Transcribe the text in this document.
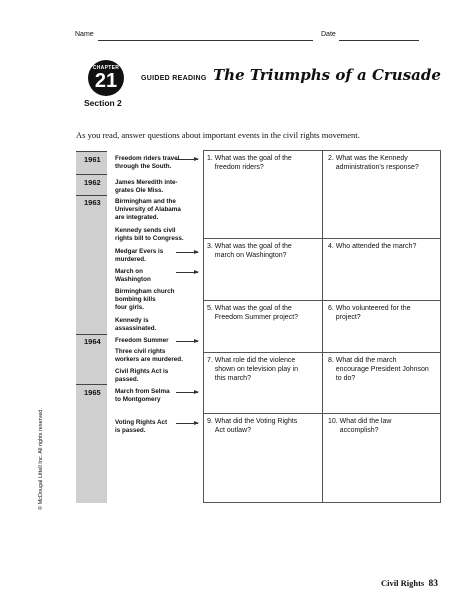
Name	Date
CHAPTER
21
Section 2
GUIDED READING The Triumphs of a Crusade
As you read, answer questions about important events in the civil rights movement.
1961
1962
1963
1964
1965
Freedom riders travel
through the South.
James Meredith inte-
grates Ole Miss.
Birmingham and the
University of Alabama
are integrated.
Kennedy sends civil
rights bill to Congress.
Medgar Evers is
murdered.
March on
Washington
Birmingham church
bombing kills
four girls.
Kennedy is
assassinated.
Freedom Summer
Three civil rights
workers are murdered.
Civil Rights Act is
passed.
March from Selma
to Montgomery
Voting Rights Act
is passed.
1. What was the goal of the
freedom riders?
2. What was the Kennedy
administration's response?
3. What was the goal of the
march on Washington?
4. Who attended the march?
5. What was the goal of the
Freedom Summer project?
6. Who volunteered for the
project?
7. What role did the violence
shown on television play in
this march?
8. What did the march
encourage President Johnson
to do?
9. What did the Voting Rights
Act outlaw?
10. What did the law
accomplish?
© McDougal Littell Inc. All rights reserved.
Civil Rights 83
